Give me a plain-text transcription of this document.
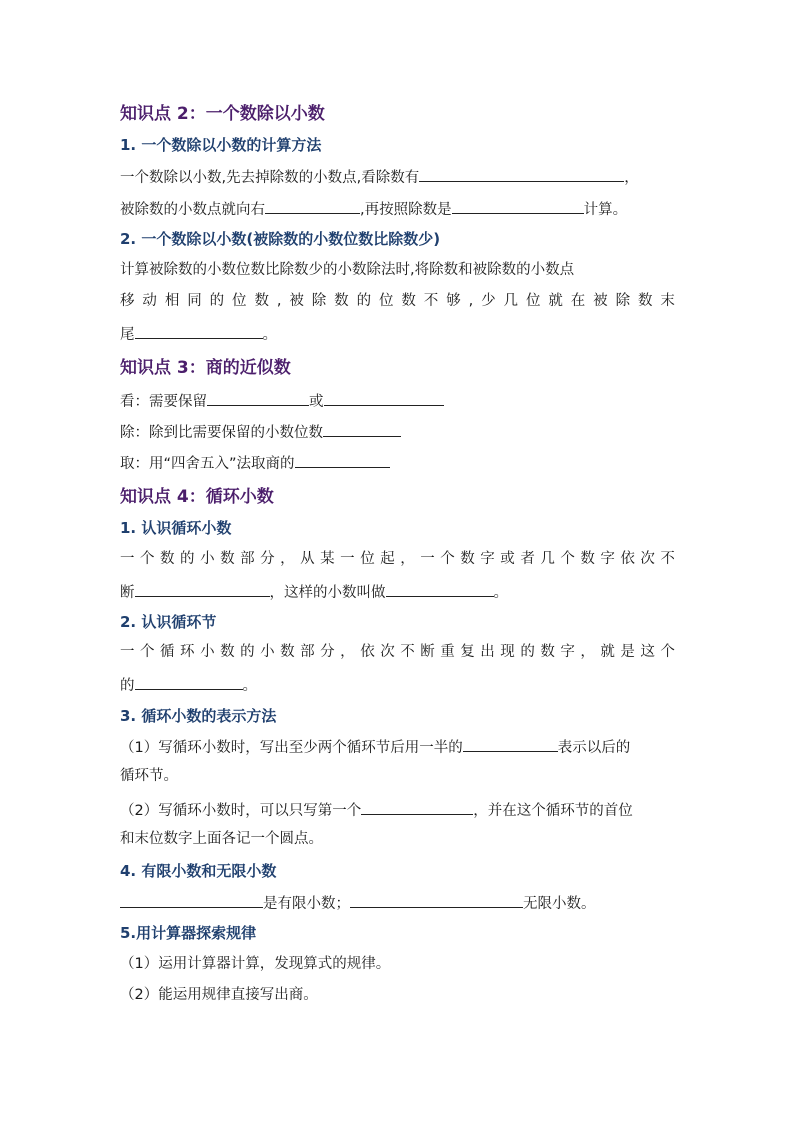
知识点 2：一个数除以小数
1. 一个数除以小数的计算方法
一个数除以小数,先去掉除数的小数点,看除数有	，
被除数的小数点就向右	,再按照除数是	计算。
2. 一个数除以小数(被除数的小数位数比除数少)
计算被除数的小数位数比除数少的小数除法时,将除数和被除数的小数点
移 动 相 同 的 位 数 , 被 除 数 的 位 数 不 够 , 少 几 位 就 在 被 除 数 末
尾	。
知识点 3：商的近似数
看：需要保留	或
除：除到比需要保留的小数位数
取：用“四舍五入”法取商的
知识点 4：循环小数
1. 认识循环小数
一 个 数 的 小 数 部 分 ， 从 某 一 位 起 ， 一 个 数 字 或 者 几 个 数 字 依 次 不
断	，这样的小数叫做	。
2. 认识循环节
一 个 循 环 小 数 的 小 数 部 分 ， 依 次 不 断 重 复 出 现 的 数 字 ， 就 是 这 个
的	。
3. 循环小数的表示方法
（1）写循环小数时，写出至少两个循环节后用一半的	表示以后的
循环节。
（2）写循环小数时，可以只写第一个	，并在这个循环节的首位
和末位数字上面各记一个圆点。
4. 有限小数和无限小数
是有限小数；	无限小数。
5.用计算器探索规律
（1）运用计算器计算，发现算式的规律。
（2）能运用规律直接写出商。
